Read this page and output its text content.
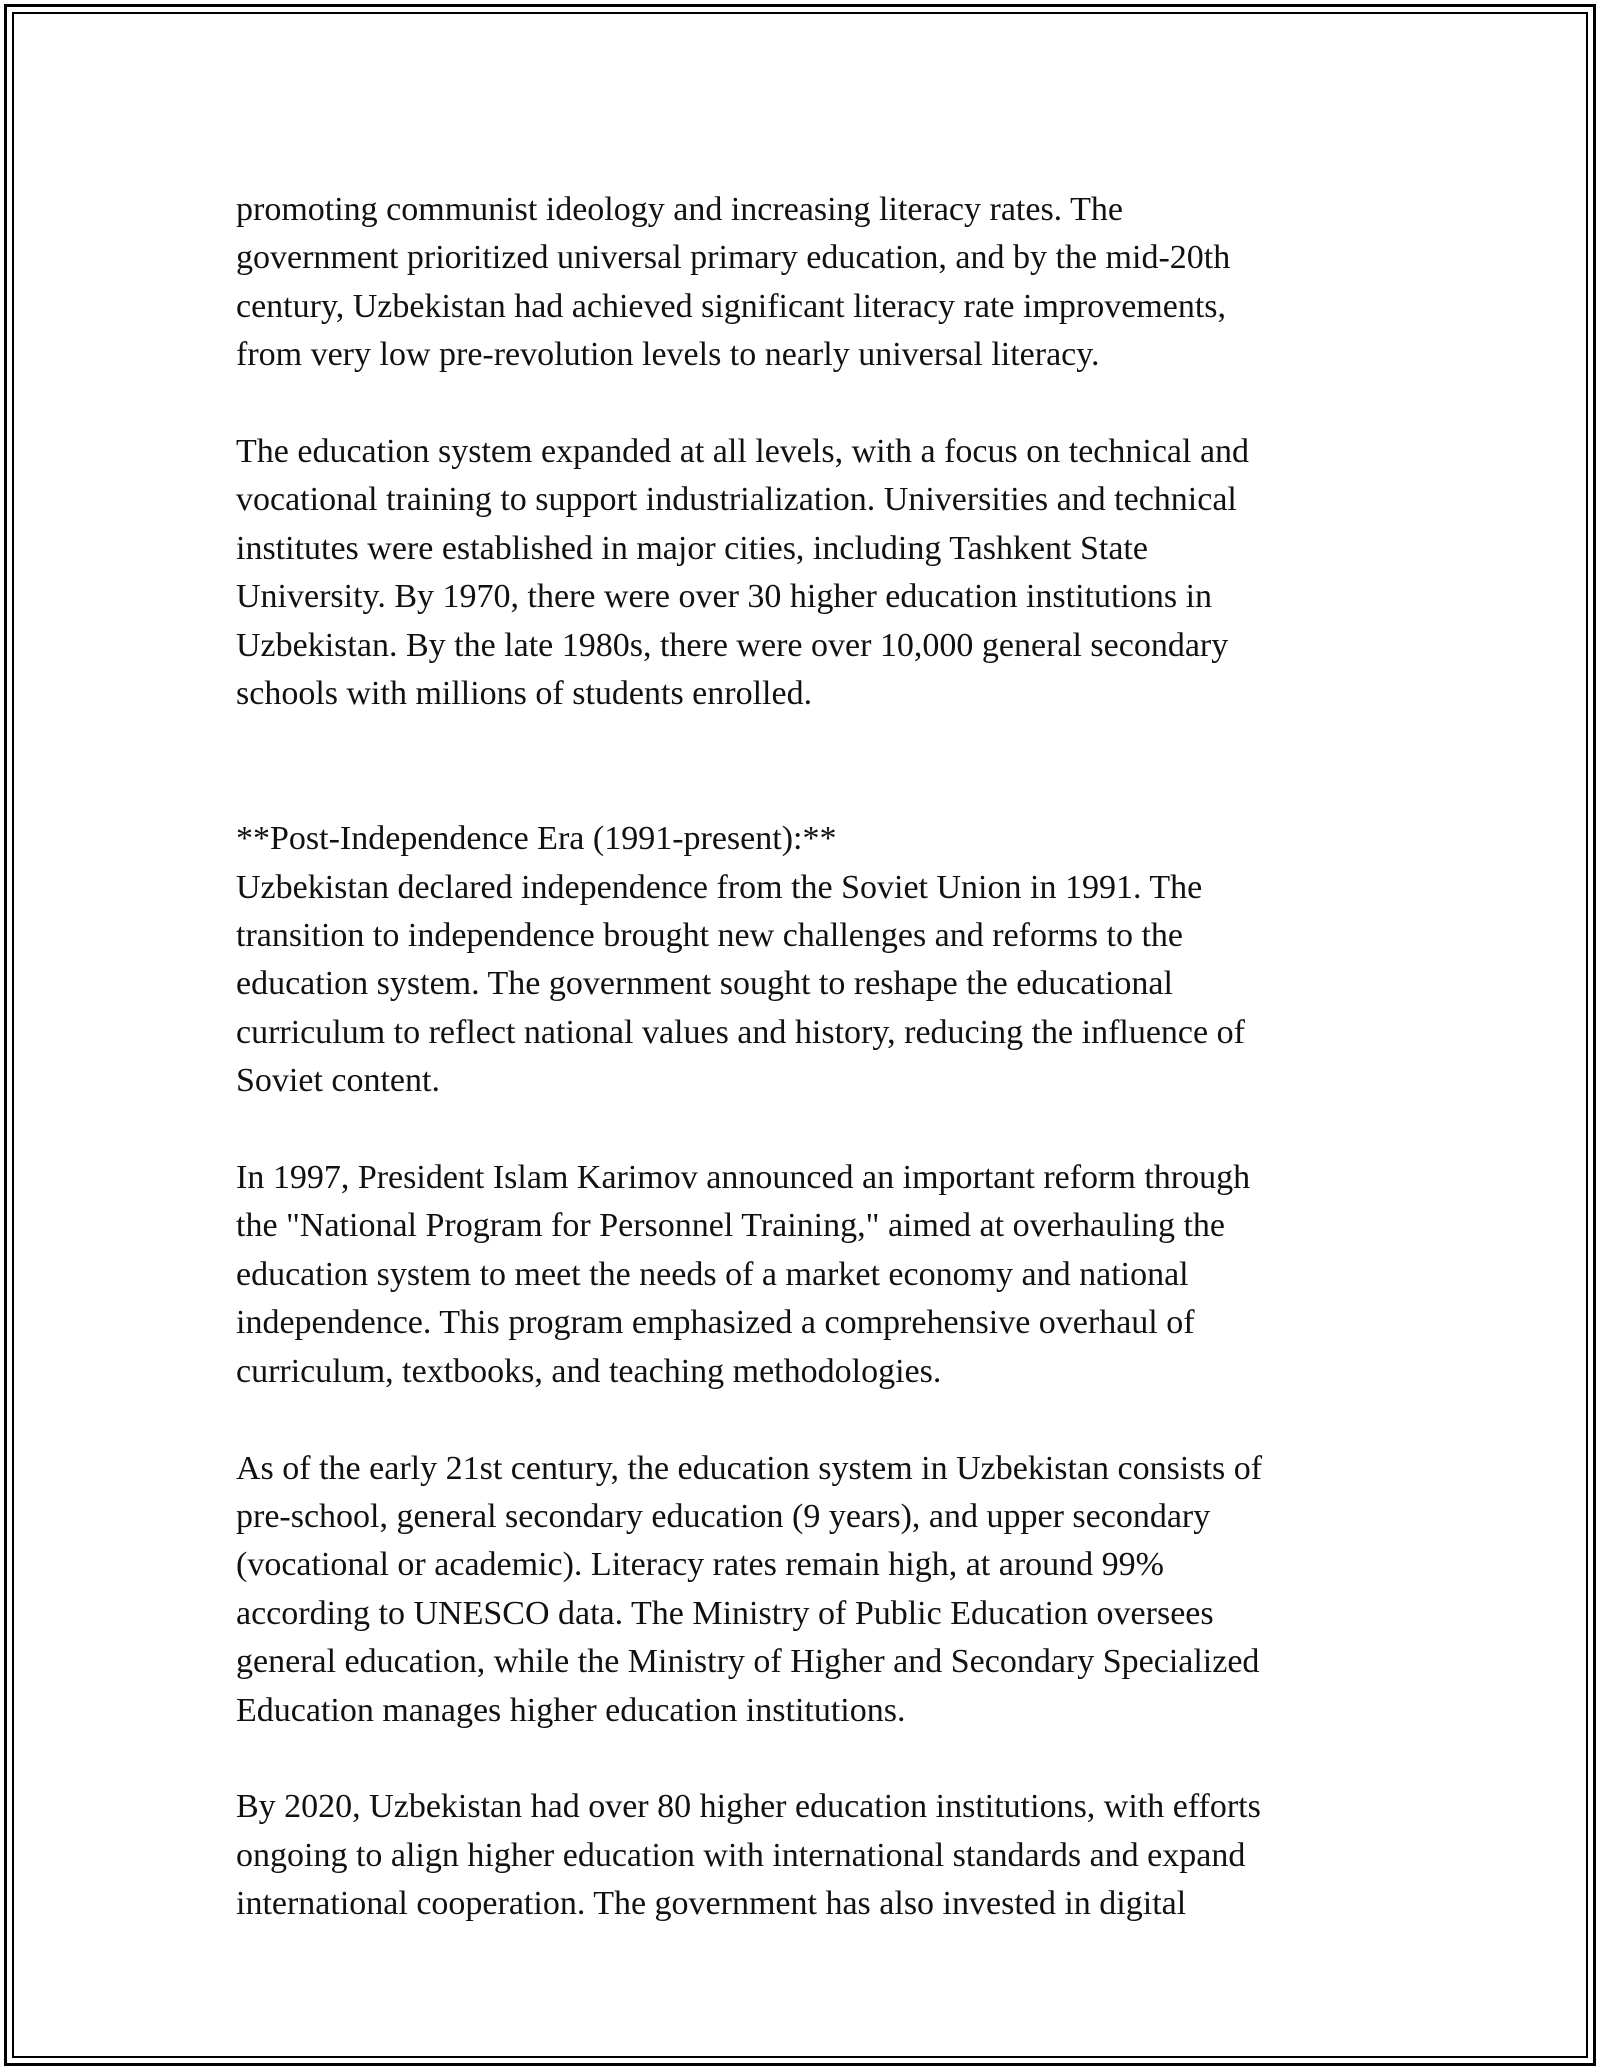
promoting communist ideology and increasing literacy rates. The
government prioritized universal primary education, and by the mid-20th
century, Uzbekistan had achieved significant literacy rate improvements,
from very low pre-revolution levels to nearly universal literacy.

The education system expanded at all levels, with a focus on technical and
vocational training to support industrialization. Universities and technical
institutes were established in major cities, including Tashkent State
University. By 1970, there were over 30 higher education institutions in
Uzbekistan. By the late 1980s, there were over 10,000 general secondary
schools with millions of students enrolled.

**Post-Independence Era (1991-present):**
Uzbekistan declared independence from the Soviet Union in 1991. The
transition to independence brought new challenges and reforms to the
education system. The government sought to reshape the educational
curriculum to reflect national values and history, reducing the influence of
Soviet content.

In 1997, President Islam Karimov announced an important reform through
the "National Program for Personnel Training," aimed at overhauling the
education system to meet the needs of a market economy and national
independence. This program emphasized a comprehensive overhaul of
curriculum, textbooks, and teaching methodologies.

As of the early 21st century, the education system in Uzbekistan consists of
pre-school, general secondary education (9 years), and upper secondary
(vocational or academic). Literacy rates remain high, at around 99%
according to UNESCO data. The Ministry of Public Education oversees
general education, while the Ministry of Higher and Secondary Specialized
Education manages higher education institutions.

By 2020, Uzbekistan had over 80 higher education institutions, with efforts
ongoing to align higher education with international standards and expand
international cooperation. The government has also invested in digital
